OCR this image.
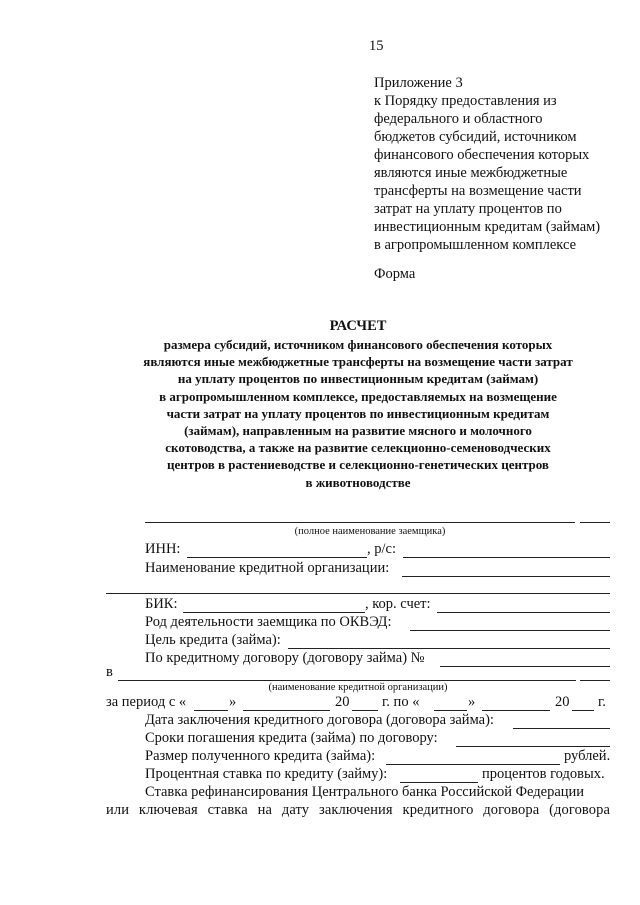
15
Приложение 3
к Порядку предоставления из
федерального и областного
бюджетов субсидий, источником
финансового обеспечения которых
являются иные межбюджетные
трансферты на возмещение части
затрат на уплату процентов по
инвестиционным кредитам (займам)
в агропромышленном комплексе
Форма
РАСЧЕТ
размера субсидий, источником финансового обеспечения которых
являются иные межбюджетные трансферты на возмещение части затрат
на уплату процентов по инвестиционным кредитам (займам)
в агропромышленном комплексе, предоставляемых на возмещение
части затрат на уплату процентов по инвестиционным кредитам
(займам), направленным на развитие мясного и молочного
скотоводства, а также на развитие селекционно-семеноводческих
центров в растениеводстве и селекционно-генетических центров
в животноводстве
(полное наименование заемщика)
ИНН:	, р/с:
Наименование кредитной организации:
БИК:	, кор. счет:
Род деятельности заемщика по ОКВЭД:
Цель кредита (займа):
По кредитному договору (договору займа) №
в
(наименование кредитной организации)
за период с «	»	20 г. по «	»	20 г.
Дата заключения кредитного договора (договора займа):
Сроки погашения кредита (займа) по договору:
Размер полученного кредита (займа):	рублей.
Процентная ставка по кредиту (займу):	процентов годовых.
Ставка рефинансирования Центрального банка Российской Федерации
или ключевая ставка на дату заключения кредитного договора (договора
